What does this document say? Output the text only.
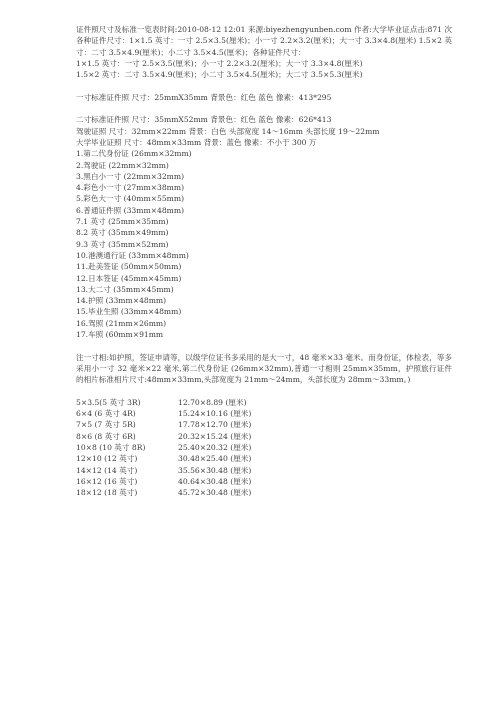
证件照尺寸及标准一览表时间:2010-08-12 12:01 来源:biyezhengyunben.com 作者:大学毕业证点击:871 次各种证件尺寸：1×1.5 英寸：一寸 2.5×3.5(厘米)；小一寸 2.2×3.2(厘米)；大一寸 3.3×4.8(厘米) 1.5×2 英寸：二寸 3.5×4.9(厘米)；小二寸 3.5×4.5(厘米)；各种证件尺寸：
1×1.5 英寸：一寸 2.5×3.5(厘米)；小一寸 2.2×3.2(厘米)；大一寸 3.3×4.8(厘米)
1.5×2 英寸：二寸 3.5×4.9(厘米)；小二寸 3.5×4.5(厘米)；大二寸 3.5×5.3(厘米)
一寸标准证件照 尺寸：25mmX35mm 背景色：红色 蓝色 像素：413*295
二寸标准证件照 尺寸：35mmX52mm 背景色：红色 蓝色 像素：626*413
驾驶证照 尺寸：32mm×22mm 背景：白色 头部宽度 14～16mm 头部长度 19～22mm
大学毕业证照 尺寸：48mm×33mm 背景：蓝色 像素：不小于 300 万
1.第二代身份证 (26mm×32mm)
2.驾驶证 (22mm×32mm)
3.黑白小一寸 (22mm×32mm)
4.彩色小一寸 (27mm×38mm)
5.彩色大一寸 (40mm×55mm)
6.普通证件照 (33mm×48mm)
7.1 英寸 (25mm×35mm)
8.2 英寸 (35mm×49mm)
9.3 英寸 (35mm×52mm)
10.港澳通行证 (33mm×48mm)
11.赴美签证 (50mm×50mm)
12.日本签证 (45mm×45mm)
13.大二寸 (35mm×45mm)
14.护照 (33mm×48mm)
15.毕业生照 (33mm×48mm)
16.驾照 (21mm×26mm)
17.车照 (60mm×91mm
注一寸相:如护照，签证申请等，以级学位证书多采用的是大一寸，48 毫米×33 毫米。而身份证，体检表，等多采用小一寸 32 毫米×22 毫米,第二代身份证 (26mm×32mm),普通一寸相则 25mm×35mm，护照旅行证件的相片标准相片尺寸:48mm×33mm,头部宽度为 21mm～24mm，头部长度为 28mm～33mm。)
5×3.5(5 英寸 3R)	12.70×8.89 (厘米)
6×4 (6 英寸 4R)	15.24×10.16 (厘米)
7×5 (7 英寸 5R)	17.78×12.70 (厘米)
8×6 (8 英寸 6R)	20.32×15.24 (厘米)
10×8 (10 英寸 8R)	25.40×20.32 (厘米)
12×10 (12 英寸)	30.48×25.40 (厘米)
14×12 (14 英寸)	35.56×30.48 (厘米)
16×12 (16 英寸)	40.64×30.48 (厘米)
18×12 (18 英寸)	45.72×30.48 (厘米)
